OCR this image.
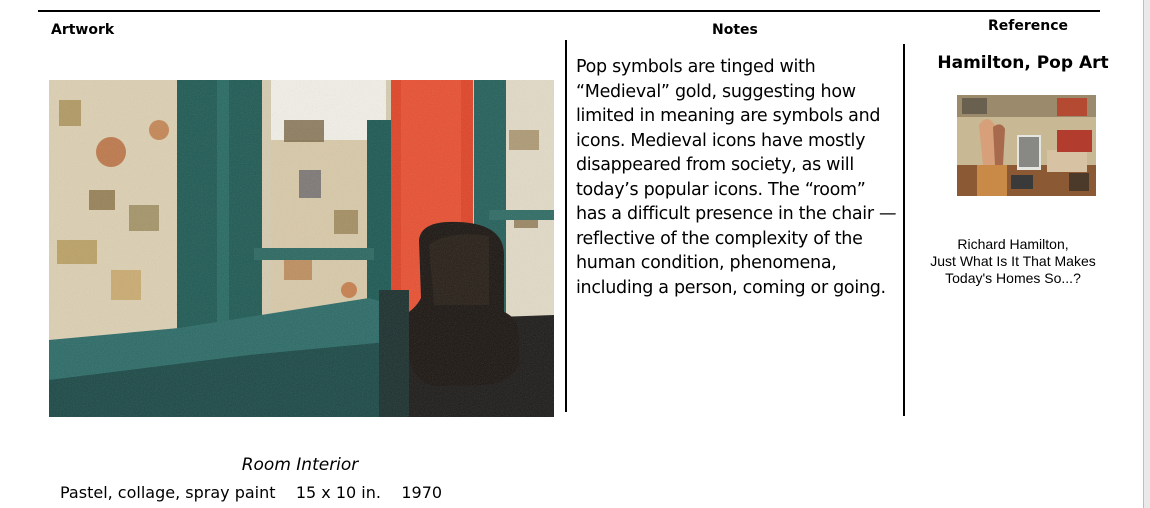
Artwork	Notes	Reference

Pop symbols are tinged with “Medieval” gold, suggesting how limited in meaning are symbols and icons. Medieval icons have mostly disappeared from society, as will today’s popular icons. The “room” has a difficult presence in the chair —reflective of the complexity of the human condition, phenomena, including a person, coming or going.

Hamilton, Pop Art
Richard Hamilton,
Just What Is It That Makes
Today's Homes So...?
Room Interior
Pastel, collage, spray paint 15 x 10 in. 1970
